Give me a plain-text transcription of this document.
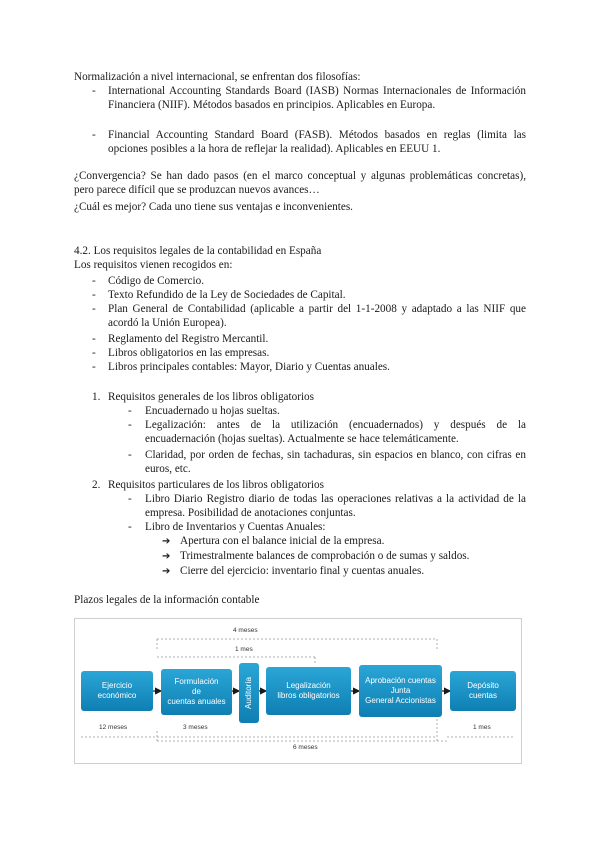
Normalización a nivel internacional, se enfrentan dos filosofías:
- International Accounting Standards Board (IASB) Normas Internacionales de Información Financiera (NIIF). Métodos basados en principios. Aplicables en Europa.
- Financial Accounting Standard Board (FASB). Métodos basados en reglas (limita las opciones posibles a la hora de reflejar la realidad). Aplicables en EEUU 1.
¿Convergencia? Se han dado pasos (en el marco conceptual y algunas problemáticas concretas), pero parece difícil que se produzcan nuevos avances…
¿Cuál es mejor? Cada uno tiene sus ventajas e inconvenientes.
4.2. Los requisitos legales de la contabilidad en España
Los requisitos vienen recogidos en:
- Código de Comercio.
- Texto Refundido de la Ley de Sociedades de Capital.
- Plan General de Contabilidad (aplicable a partir del 1-1-2008 y adaptado a las NIIF que acordó la Unión Europea).
- Reglamento del Registro Mercantil.
- Libros obligatorios en las empresas.
- Libros principales contables: Mayor, Diario y Cuentas anuales.
1. Requisitos generales de los libros obligatorios
- Encuadernado u hojas sueltas.
- Legalización: antes de la utilización (encuadernados) y después de la encuadernación (hojas sueltas). Actualmente se hace telemáticamente.
- Claridad, por orden de fechas, sin tachaduras, sin espacios en blanco, con cifras en euros, etc.
2. Requisitos particulares de los libros obligatorios
- Libro Diario Registro diario de todas las operaciones relativas a la actividad de la empresa. Posibilidad de anotaciones conjuntas.
- Libro de Inventarios y Cuentas Anuales:
➔ Apertura con el balance inicial de la empresa.
➔ Trimestralmente balances de comprobación o de sumas y saldos.
➔ Cierre del ejercicio: inventario final y cuentas anuales.
Plazos legales de la información contable
4 meses
1 mes
Ejercicio
económico
Formulación
de
cuentas anuales Auditoría	Legalización
libros obligatorios
Aprobación cuentas
Junta
General Accionistas
Depósito
cuentas
12 meses	3 meses	1 mes
6 meses
